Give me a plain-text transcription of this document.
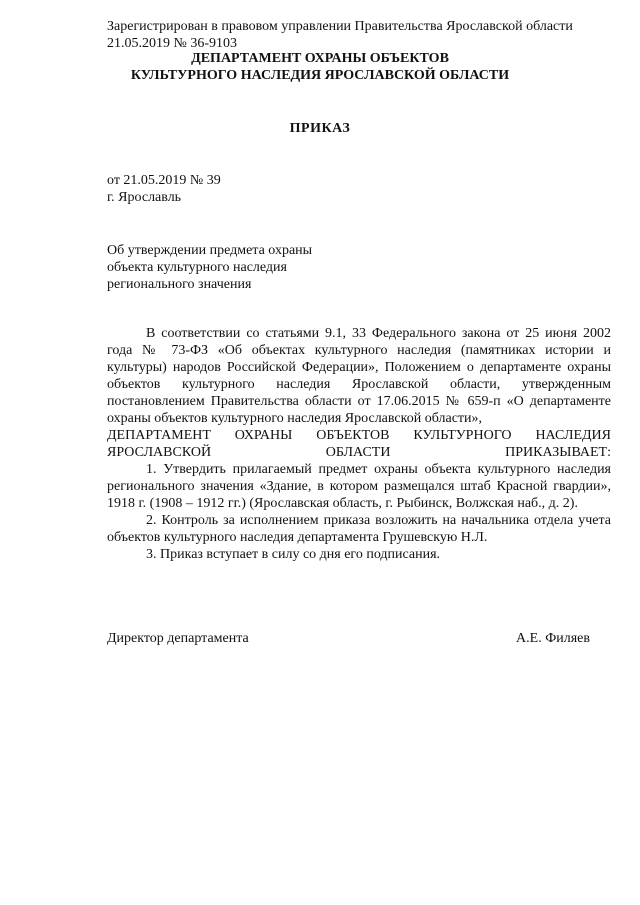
Зарегистрирован в правовом управлении Правительства Ярославской области
21.05.2019 № 36-9103
ДЕПАРТАМЕНТ ОХРАНЫ ОБЪЕКТОВ
КУЛЬТУРНОГО НАСЛЕДИЯ ЯРОСЛАВСКОЙ ОБЛАСТИ
ПРИКАЗ
от 21.05.2019 № 39
г. Ярославль
Об утверждении предмета охраны
объекта культурного наследия
регионального значения

В соответствии со статьями 9.1, 33 Федерального закона от 25 июня 2002 года № 73-ФЗ «Об объектах культурного наследия (памятниках истории и культуры) народов Российской Федерации», Положением о департаменте охраны объектов культурного наследия Ярославской области, утвержденным постановлением Правительства области от 17.06.2015 № 659-п «О департаменте охраны объектов культурного наследия Ярославской области»,

ДЕПАРТАМЕНТ ОХРАНЫ ОБЪЕКТОВ КУЛЬТУРНОГО НАСЛЕДИЯ ЯРОСЛАВСКОЙ ОБЛАСТИ ПРИКАЗЫВАЕТ:

1. Утвердить прилагаемый предмет охраны объекта культурного наследия регионального значения «Здание, в котором размещался штаб Красной гвардии», 1918 г. (1908 – 1912 гг.) (Ярославская область, г. Рыбинск, Волжская наб., д. 2).

2. Контроль за исполнением приказа возложить на начальника отдела учета объектов культурного наследия департамента Грушевскую Н.Л.

3. Приказ вступает в силу со дня его подписания.

Директор департамента	А.Е. Филяев
